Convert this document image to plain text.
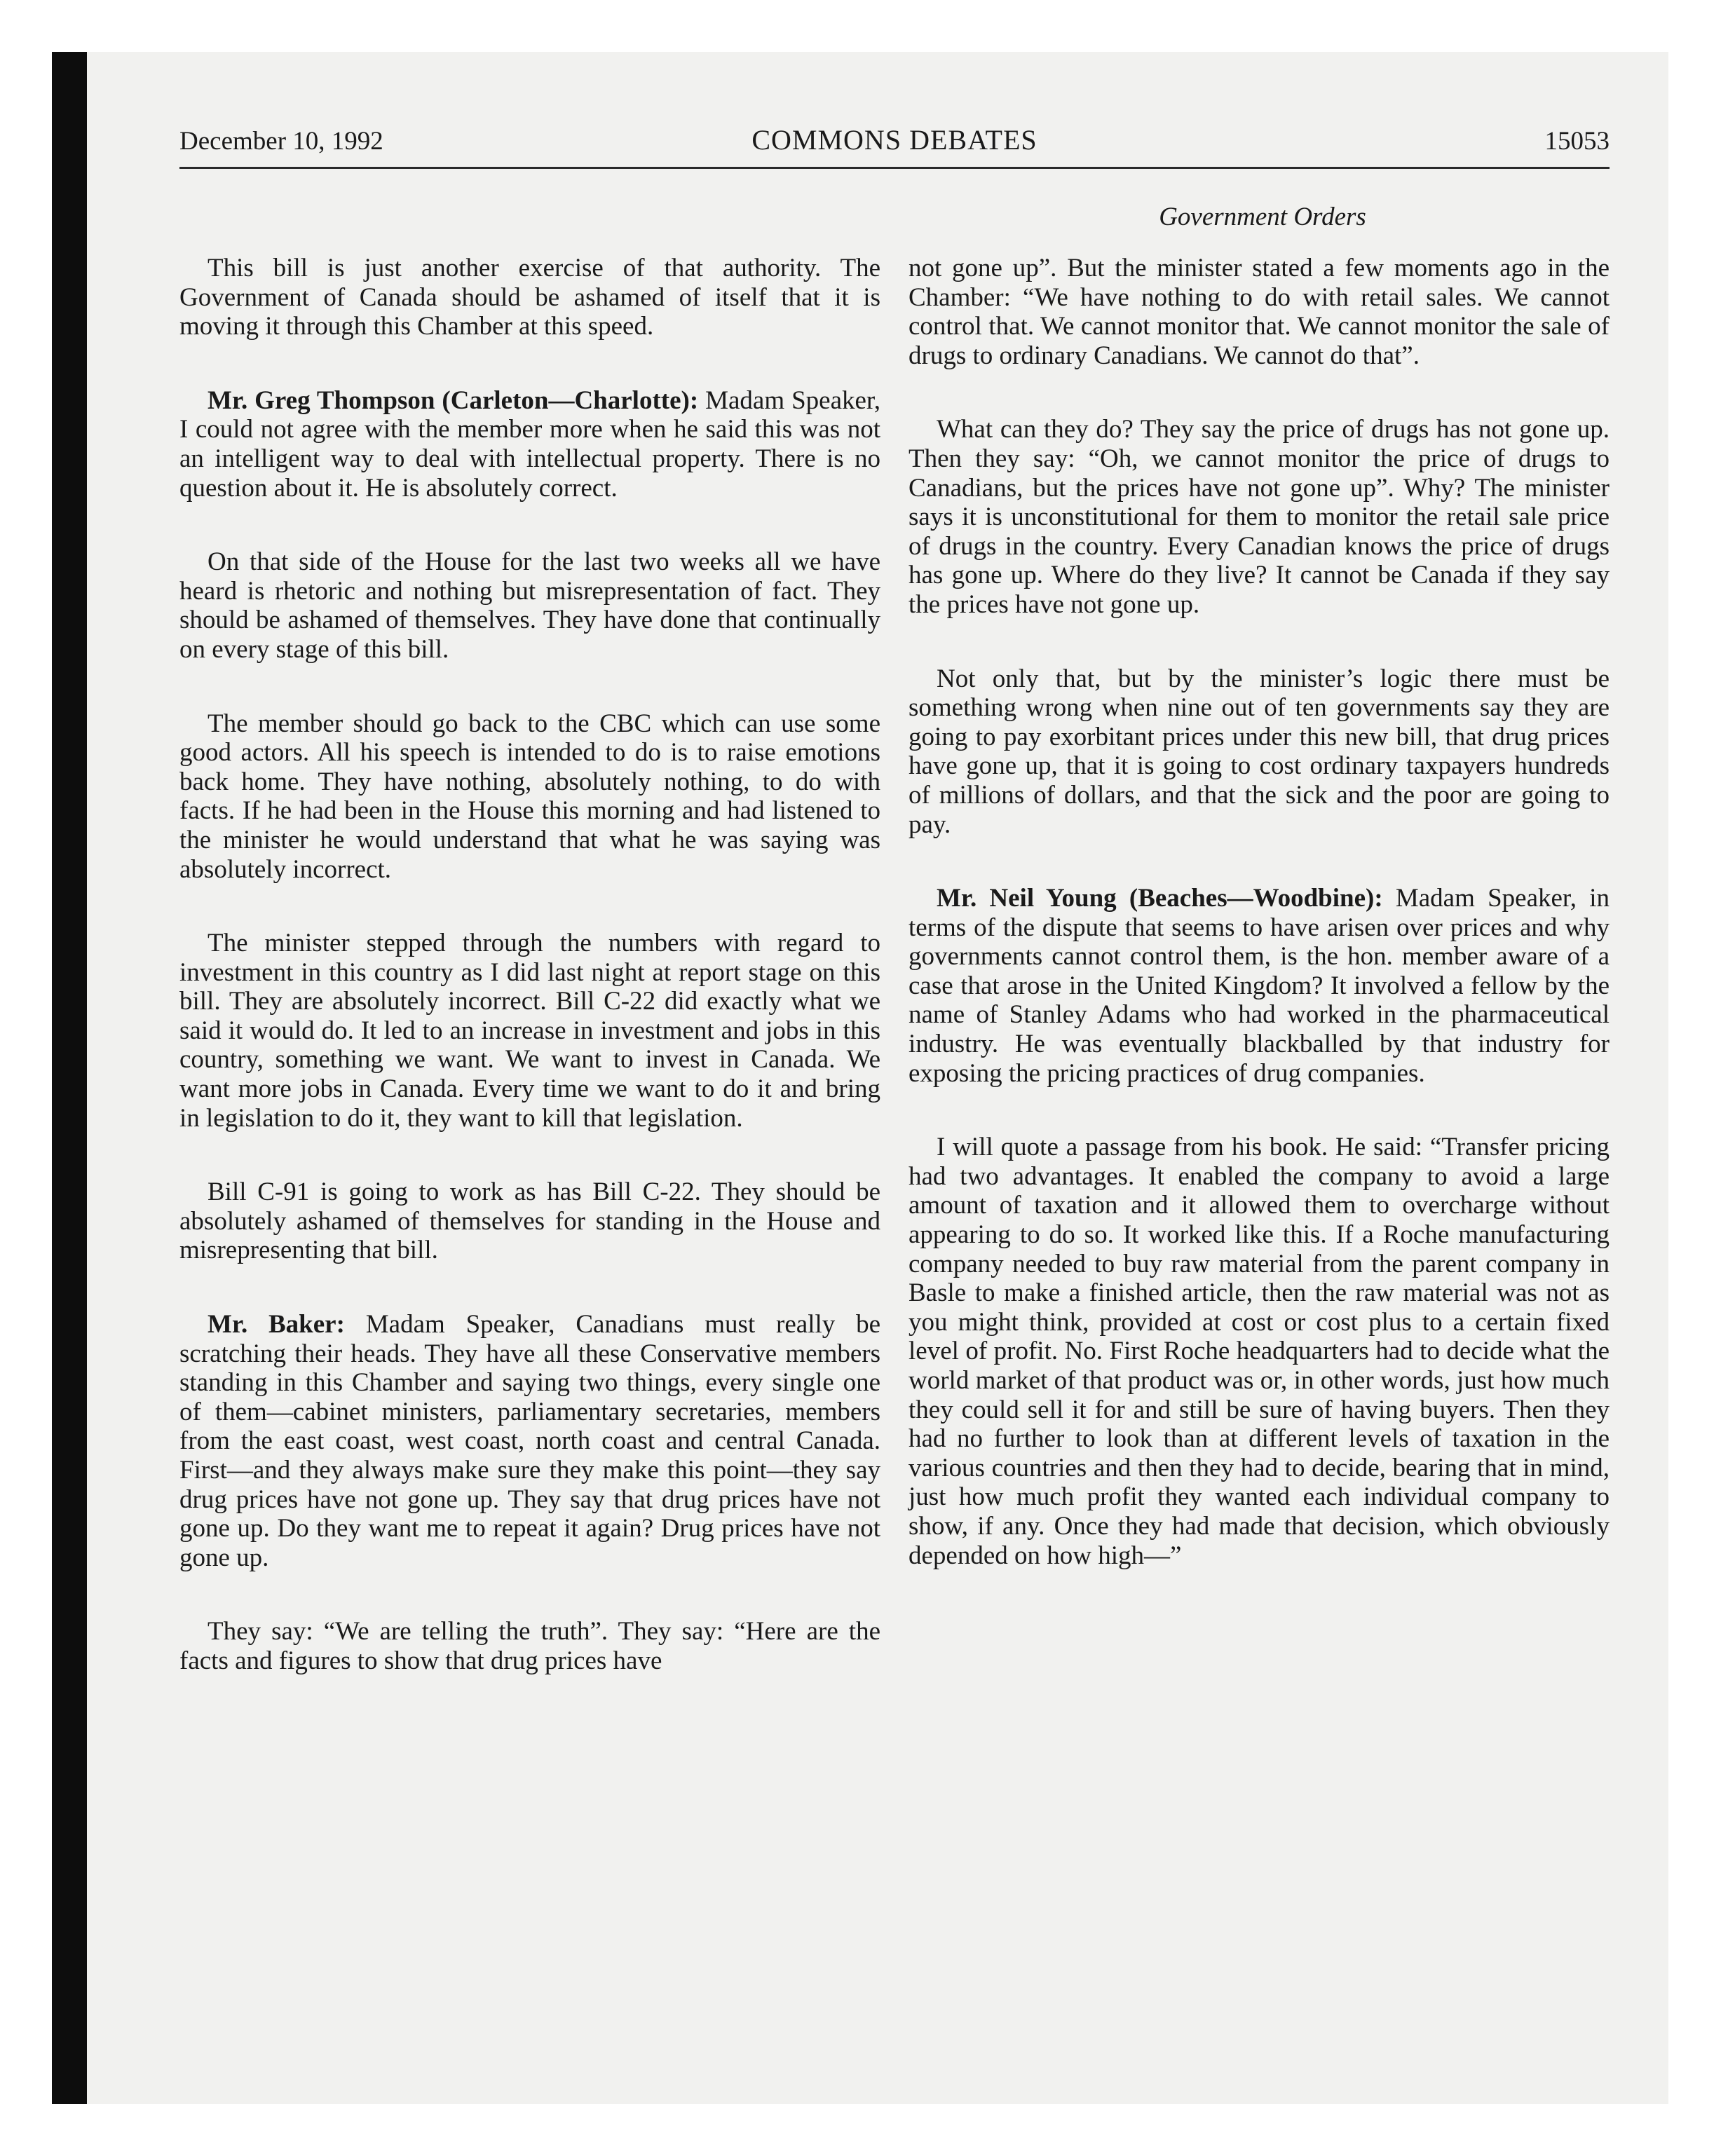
December 10, 1992	COMMONS DEBATES	15053
Government Orders

This bill is just another exercise of that authority. The Government of Canada should be ashamed of itself that it is moving it through this Chamber at this speed.

Mr. Greg Thompson (Carleton—Charlotte): Madam Speaker, I could not agree with the member more when he said this was not an intelligent way to deal with intellectual property. There is no question about it. He is absolutely correct.

On that side of the House for the last two weeks all we have heard is rhetoric and nothing but misrepresentation of fact. They should be ashamed of themselves. They have done that continually on every stage of this bill.

The member should go back to the CBC which can use some good actors. All his speech is intended to do is to raise emotions back home. They have nothing, absolutely nothing, to do with facts. If he had been in the House this morning and had listened to the minister he would understand that what he was saying was absolutely incorrect.

The minister stepped through the numbers with regard to investment in this country as I did last night at report stage on this bill. They are absolutely incorrect. Bill C-22 did exactly what we said it would do. It led to an increase in investment and jobs in this country, something we want. We want to invest in Canada. We want more jobs in Canada. Every time we want to do it and bring in legislation to do it, they want to kill that legislation.

Bill C-91 is going to work as has Bill C-22. They should be absolutely ashamed of themselves for standing in the House and misrepresenting that bill.

Mr. Baker: Madam Speaker, Canadians must really be scratching their heads. They have all these Conservative members standing in this Chamber and saying two things, every single one of them—cabinet ministers, parliamentary secretaries, members from the east coast, west coast, north coast and central Canada. First—and they always make sure they make this point—they say drug prices have not gone up. They say that drug prices have not gone up. Do they want me to repeat it again? Drug prices have not gone up.

They say: “We are telling the truth”. They say: “Here are the facts and figures to show that drug prices have

not gone up”. But the minister stated a few moments ago in the Chamber: “We have nothing to do with retail sales. We cannot control that. We cannot monitor that. We cannot monitor the sale of drugs to ordinary Canadians. We cannot do that”.

What can they do? They say the price of drugs has not gone up. Then they say: “Oh, we cannot monitor the price of drugs to Canadians, but the prices have not gone up”. Why? The minister says it is unconstitutional for them to monitor the retail sale price of drugs in the country. Every Canadian knows the price of drugs has gone up. Where do they live? It cannot be Canada if they say the prices have not gone up.

Not only that, but by the minister’s logic there must be something wrong when nine out of ten governments say they are going to pay exorbitant prices under this new bill, that drug prices have gone up, that it is going to cost ordinary taxpayers hundreds of millions of dollars, and that the sick and the poor are going to pay.

Mr. Neil Young (Beaches—Woodbine): Madam Speaker, in terms of the dispute that seems to have arisen over prices and why governments cannot control them, is the hon. member aware of a case that arose in the United Kingdom? It involved a fellow by the name of Stanley Adams who had worked in the pharmaceutical industry. He was eventually blackballed by that industry for exposing the pricing practices of drug companies.

I will quote a passage from his book. He said: “Transfer pricing had two advantages. It enabled the company to avoid a large amount of taxation and it allowed them to overcharge without appearing to do so. It worked like this. If a Roche manufacturing company needed to buy raw material from the parent company in Basle to make a finished article, then the raw material was not as you might think, provided at cost or cost plus to a certain fixed level of profit. No. First Roche headquarters had to decide what the world market of that product was or, in other words, just how much they could sell it for and still be sure of having buyers. Then they had no further to look than at different levels of taxation in the various countries and then they had to decide, bearing that in mind, just how much profit they wanted each individual company to show, if any. Once they had made that decision, which obviously depended on how high—”
